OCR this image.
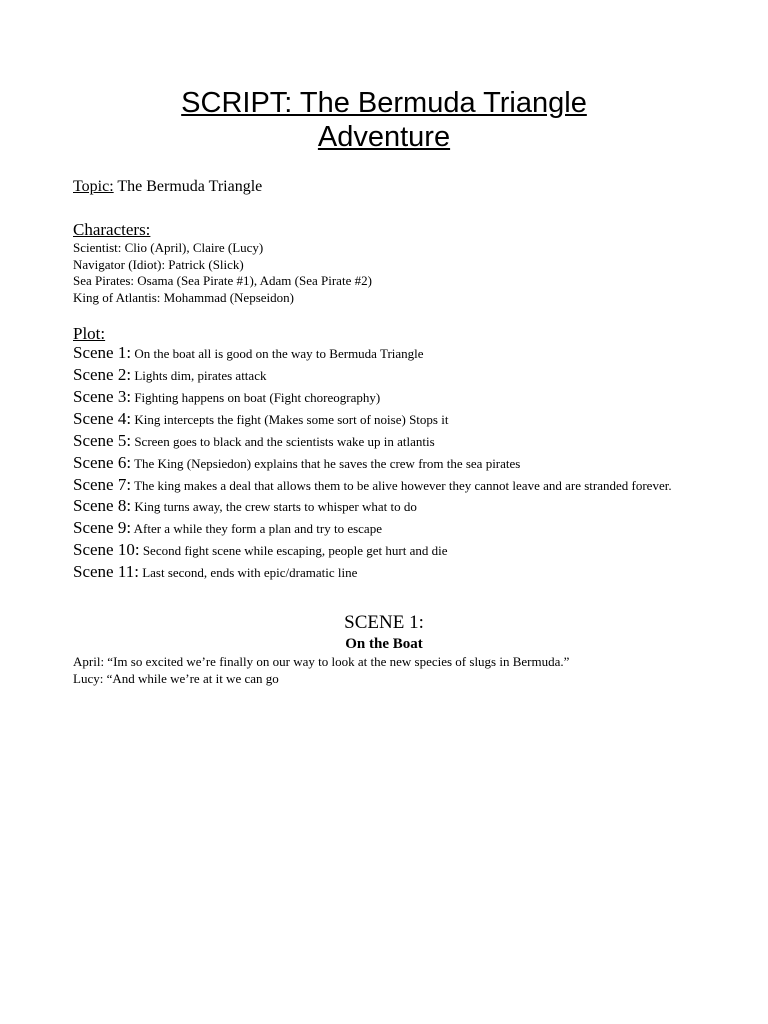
SCRIPT: The Bermuda Triangle
Adventure
Topic: The Bermuda Triangle
Characters:
Scientist: Clio (April), Claire (Lucy)
Navigator (Idiot): Patrick (Slick)
Sea Pirates: Osama (Sea Pirate #1), Adam (Sea Pirate #2)
King of Atlantis: Mohammad (Nepseidon)
Plot:
Scene 1: On the boat all is good on the way to Bermuda Triangle
Scene 2: Lights dim, pirates attack
Scene 3: Fighting happens on boat (Fight choreography)
Scene 4: King intercepts the fight (Makes some sort of noise) Stops it
Scene 5: Screen goes to black and the scientists wake up in atlantis
Scene 6: The King (Nepsiedon) explains that he saves the crew from the sea pirates
Scene 7: The king makes a deal that allows them to be alive however they cannot leave and are stranded forever.
Scene 8: King turns away, the crew starts to whisper what to do
Scene 9: After a while they form a plan and try to escape
Scene 10: Second fight scene while escaping, people get hurt and die
Scene 11: Last second, ends with epic/dramatic line
SCENE 1:
On the Boat
April: “Im so excited we’re finally on our way to look at the new species of slugs in Bermuda.”
Lucy: “And while we’re at it we can go
